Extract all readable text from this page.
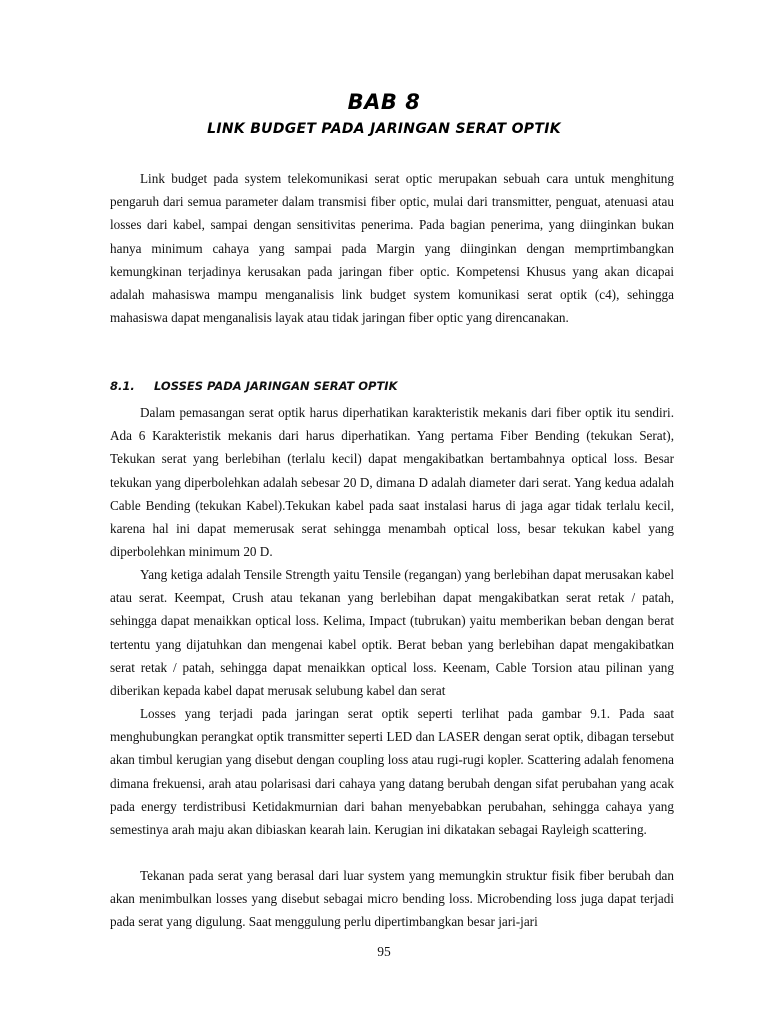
BAB 8
LINK BUDGET PADA JARINGAN SERAT OPTIK

Link budget pada system telekomunikasi serat optic merupakan sebuah cara untuk menghitung pengaruh dari semua parameter dalam transmisi fiber optic, mulai dari transmitter, penguat, atenuasi atau losses dari kabel, sampai dengan sensitivitas penerima. Pada bagian penerima, yang diinginkan bukan hanya minimum cahaya yang sampai pada Margin yang diinginkan dengan memprtimbangkan kemungkinan terjadinya kerusakan pada jaringan fiber optic. Kompetensi Khusus yang akan dicapai adalah mahasiswa mampu menganalisis link budget system komunikasi serat optik (c4), sehingga mahasiswa dapat menganalisis layak atau tidak jaringan fiber optic yang direncanakan.

8.1. LOSSES PADA JARINGAN SERAT OPTIK

Dalam pemasangan serat optik harus diperhatikan karakteristik mekanis dari fiber optik itu sendiri. Ada 6 Karakteristik mekanis dari harus diperhatikan. Yang pertama Fiber Bending (tekukan Serat), Tekukan serat yang berlebihan (terlalu kecil) dapat mengakibatkan bertambahnya optical loss. Besar tekukan yang diperbolehkan adalah sebesar 20 D, dimana D adalah diameter dari serat. Yang kedua adalah Cable Bending (tekukan Kabel).Tekukan kabel pada saat instalasi harus di jaga agar tidak terlalu kecil, karena hal ini dapat memerusak serat sehingga menambah optical loss, besar tekukan kabel yang diperbolehkan minimum 20 D.

Yang ketiga adalah Tensile Strength yaitu Tensile (regangan) yang berlebihan dapat merusakan kabel atau serat. Keempat, Crush atau tekanan yang berlebihan dapat mengakibatkan serat retak / patah, sehingga dapat menaikkan optical loss. Kelima, Impact (tubrukan) yaitu memberikan beban dengan berat tertentu yang dijatuhkan dan mengenai kabel optik. Berat beban yang berlebihan dapat mengakibatkan serat retak / patah, sehingga dapat menaikkan optical loss. Keenam, Cable Torsion atau pilinan yang diberikan kepada kabel dapat merusak selubung kabel dan serat

Losses yang terjadi pada jaringan serat optik seperti terlihat pada gambar 9.1. Pada saat menghubungkan perangkat optik transmitter seperti LED dan LASER dengan serat optik, dibagan tersebut akan timbul kerugian yang disebut dengan coupling loss atau rugi-rugi kopler. Scattering adalah fenomena dimana frekuensi, arah atau polarisasi dari cahaya yang datang berubah dengan sifat perubahan yang acak pada energy terdistribusi Ketidakmurnian dari bahan menyebabkan perubahan, sehingga cahaya yang semestinya arah maju akan dibiaskan kearah lain. Kerugian ini dikatakan sebagai Rayleigh scattering.

Tekanan pada serat yang berasal dari luar system yang memungkin struktur fisik fiber berubah dan akan menimbulkan losses yang disebut sebagai micro bending loss. Microbending loss juga dapat terjadi pada serat yang digulung. Saat menggulung perlu dipertimbangkan besar jari-jari

95
